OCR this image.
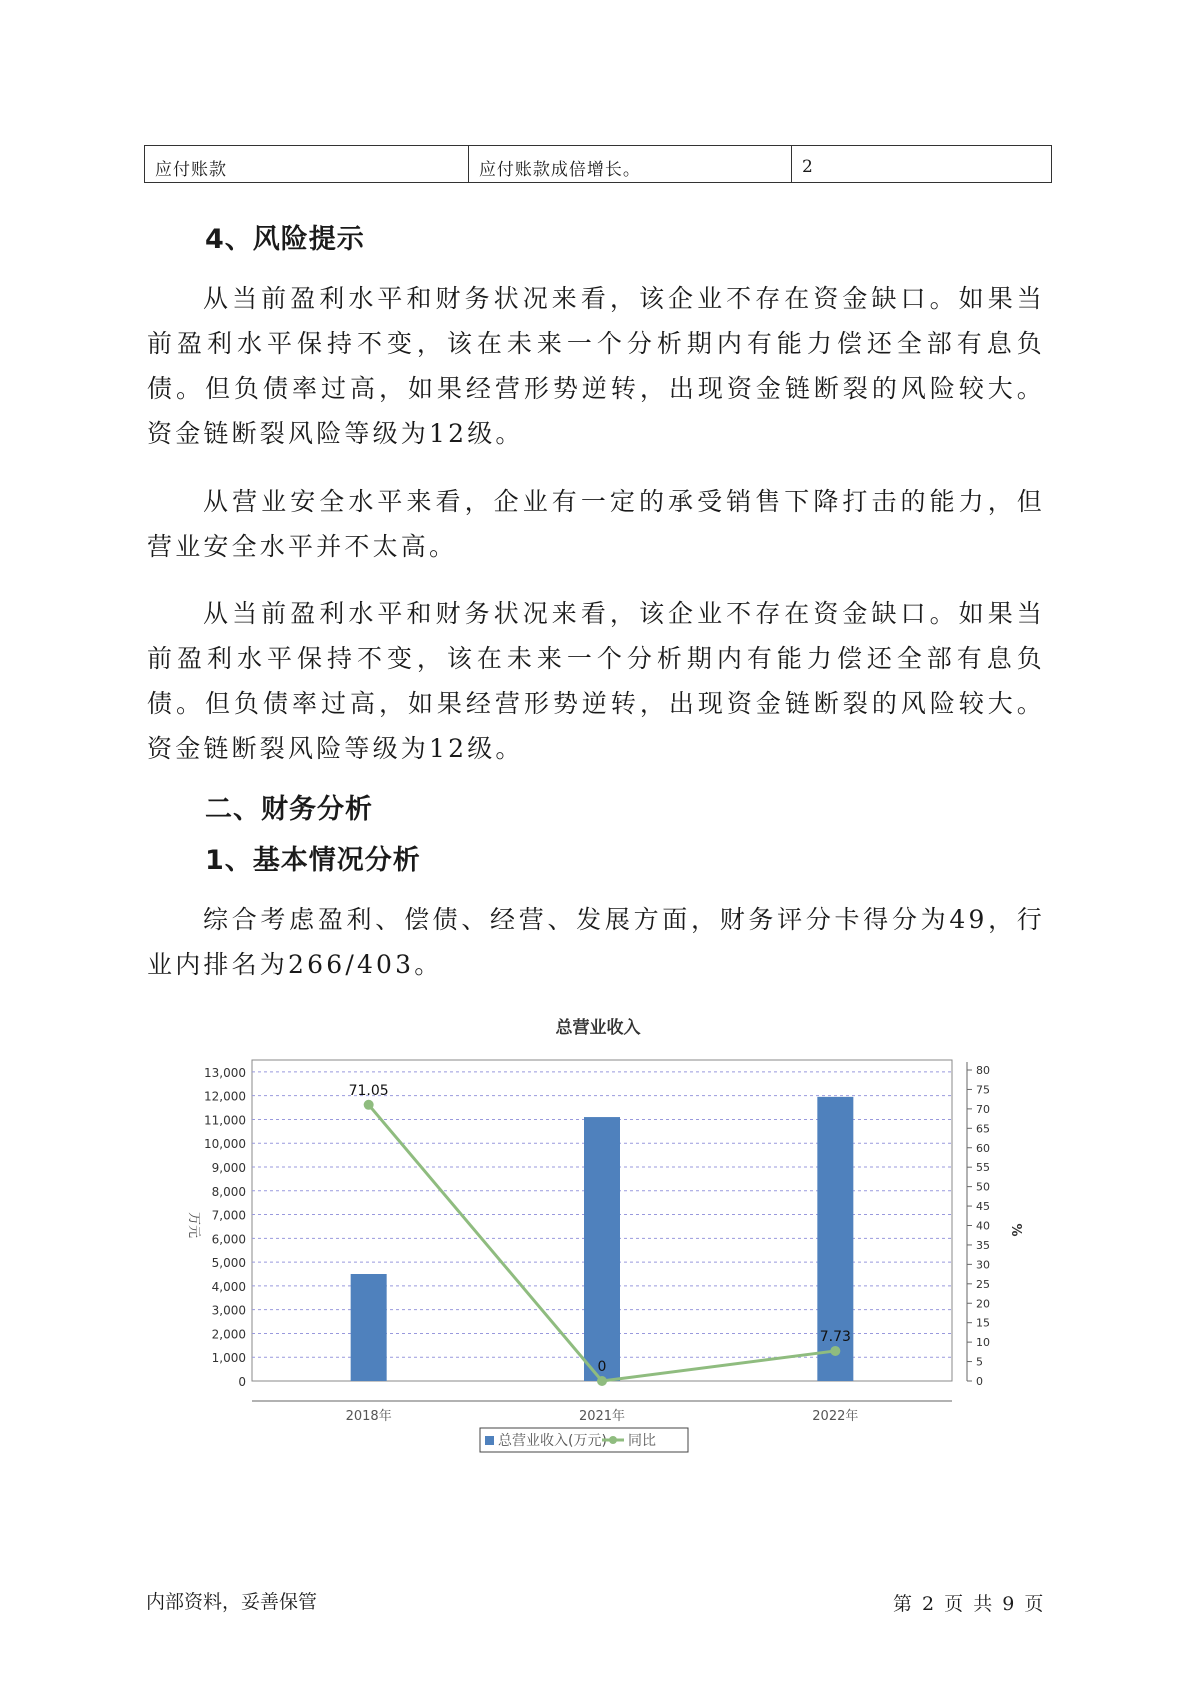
应付账款	应付账款成倍增长。	2
4、风险提示

从当前盈利水平和财务状况来看，该企业不存在资金缺口。如果当前盈利水平保持不变，该在未来一个分析期内有能力偿还全部有息负债。但负债率过高，如果经营形势逆转，出现资金链断裂的风险较大。资金链断裂风险等级为12级。

从营业安全水平来看，企业有一定的承受销售下降打击的能力，但营业安全水平并不太高。

从当前盈利水平和财务状况来看，该企业不存在资金缺口。如果当前盈利水平保持不变，该在未来一个分析期内有能力偿还全部有息负债。但负债率过高，如果经营形势逆转，出现资金链断裂的风险较大。资金链断裂风险等级为12级。

二、财务分析
1、基本情况分析

综合考虑盈利、偿债、经营、发展方面，财务评分卡得分为49，行业内排名为266/403。

总营业收入
0
1,000
2,000
3,000
4,000
5,000
6,000
7,000
8,000
9,000
10,000
11,000
12,000
13,000
0
5
10
15
20
25
30
35
40
45
50
55
60
65
70
75
80
71.05
0
7.73
2018年	2021年	2022年
万元	%
总营业收入(万元) 同比
内部资料，妥善保管	第 2 页 共 9 页
